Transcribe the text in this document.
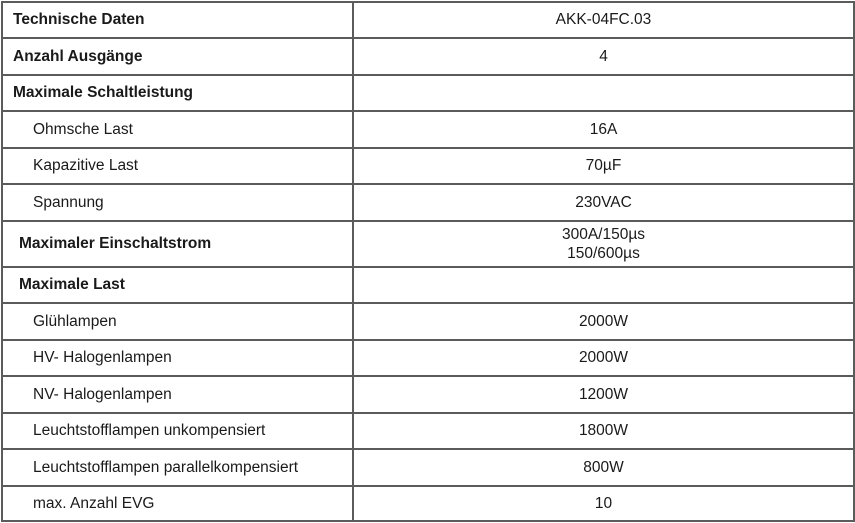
Technische Daten	AKK-04FC.03
Anzahl Ausgänge	4
Maximale Schaltleistung	
Ohmsche Last	16A
Kapazitive Last	70µF
Spannung	230VAC
Maximaler Einschaltstrom	300A/150µs
150/600µs

Maximale Last	
Glühlampen	2000W
HV- Halogenlampen	2000W
NV- Halogenlampen	1200W
Leuchtstofflampen unkompensiert	1800W
Leuchtstofflampen parallelkompensiert	800W
max. Anzahl EVG	10
